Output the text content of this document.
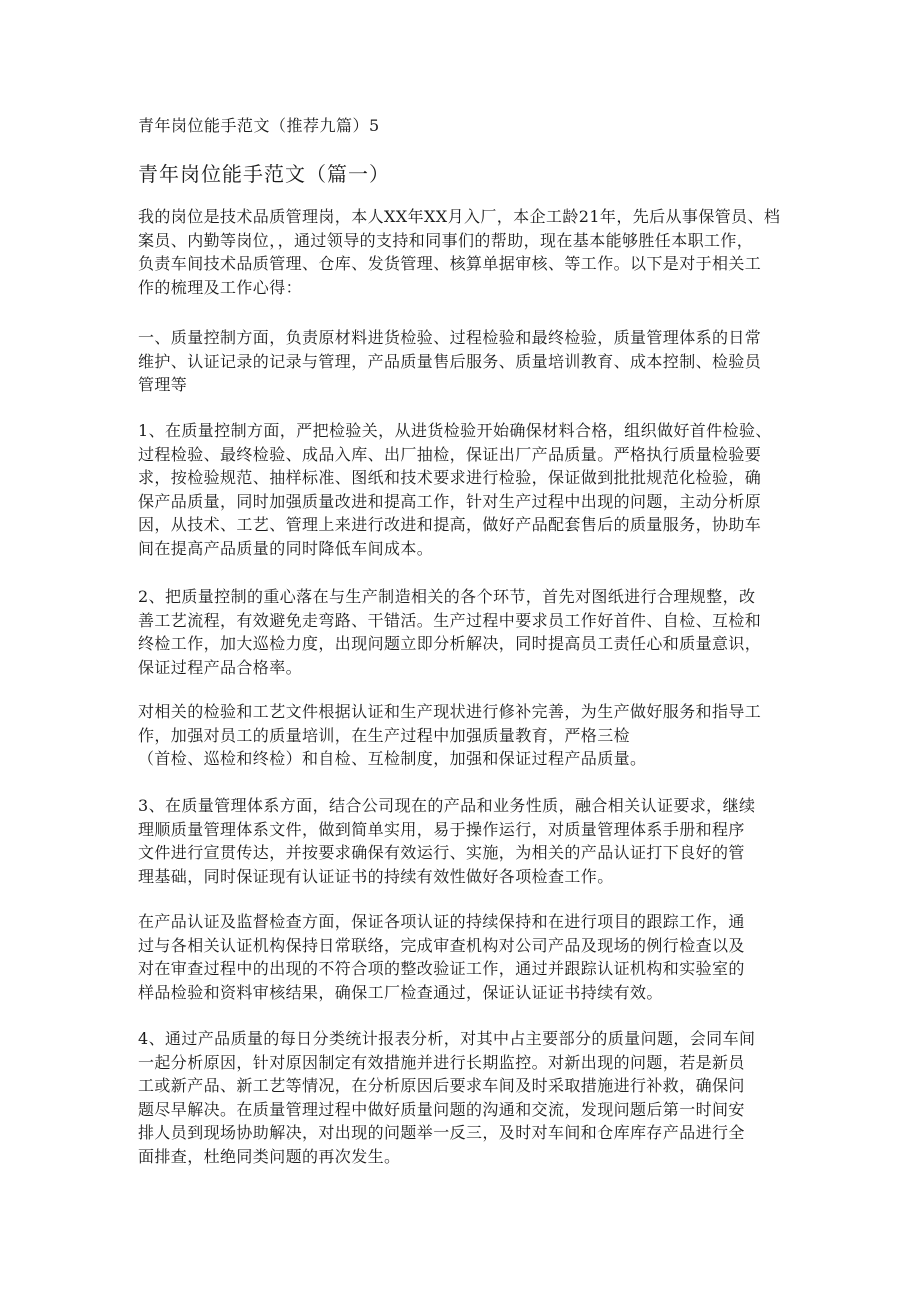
青年岗位能手范文（推荐九篇）5
青年岗位能手范文（篇一）

我的岗位是技术品质管理岗，本人XX年XX月入厂，本企工龄21年，先后从事保管员、档
案员、内勤等岗位，，通过领导的支持和同事们的帮助，现在基本能够胜任本职工作，
负责车间技术品质管理、仓库、发货管理、核算单据审核、等工作。以下是对于相关工
作的梳理及工作心得：

一、质量控制方面，负责原材料进货检验、过程检验和最终检验，质量管理体系的日常
维护、认证记录的记录与管理，产品质量售后服务、质量培训教育、成本控制、检验员
管理等

1、在质量控制方面，严把检验关，从进货检验开始确保材料合格，组织做好首件检验、
过程检验、最终检验、成品入库、出厂抽检，保证出厂产品质量。严格执行质量检验要
求，按检验规范、抽样标准、图纸和技术要求进行检验，保证做到批批规范化检验，确
保产品质量，同时加强质量改进和提高工作，针对生产过程中出现的问题，主动分析原
因，从技术、工艺、管理上来进行改进和提高，做好产品配套售后的质量服务，协助车
间在提高产品质量的同时降低车间成本。

2、把质量控制的重心落在与生产制造相关的各个环节，首先对图纸进行合理规整，改
善工艺流程，有效避免走弯路、干错活。生产过程中要求员工作好首件、自检、互检和
终检工作，加大巡检力度，出现问题立即分析解决，同时提高员工责任心和质量意识，
保证过程产品合格率。

对相关的检验和工艺文件根据认证和生产现状进行修补完善，为生产做好服务和指导工
作，加强对员工的质量培训，在生产过程中加强质量教育，严格三检
（首检、巡检和终检）和自检、互检制度，加强和保证过程产品质量。

3、在质量管理体系方面，结合公司现在的产品和业务性质，融合相关认证要求，继续
理顺质量管理体系文件，做到简单实用，易于操作运行，对质量管理体系手册和程序
文件进行宣贯传达，并按要求确保有效运行、实施，为相关的产品认证打下良好的管
理基础，同时保证现有认证证书的持续有效性做好各项检查工作。

在产品认证及监督检查方面，保证各项认证的持续保持和在进行项目的跟踪工作，通
过与各相关认证机构保持日常联络，完成审查机构对公司产品及现场的例行检查以及
对在审查过程中的出现的不符合项的整改验证工作，通过并跟踪认证机构和实验室的
样品检验和资料审核结果，确保工厂检查通过，保证认证证书持续有效。

4、通过产品质量的每日分类统计报表分析，对其中占主要部分的质量问题，会同车间
一起分析原因，针对原因制定有效措施并进行长期监控。对新出现的问题，若是新员
工或新产品、新工艺等情况，在分析原因后要求车间及时采取措施进行补救，确保问
题尽早解决。在质量管理过程中做好质量问题的沟通和交流，发现问题后第一时间安
排人员到现场协助解决，对出现的问题举一反三，及时对车间和仓库库存产品进行全
面排查，杜绝同类问题的再次发生。
